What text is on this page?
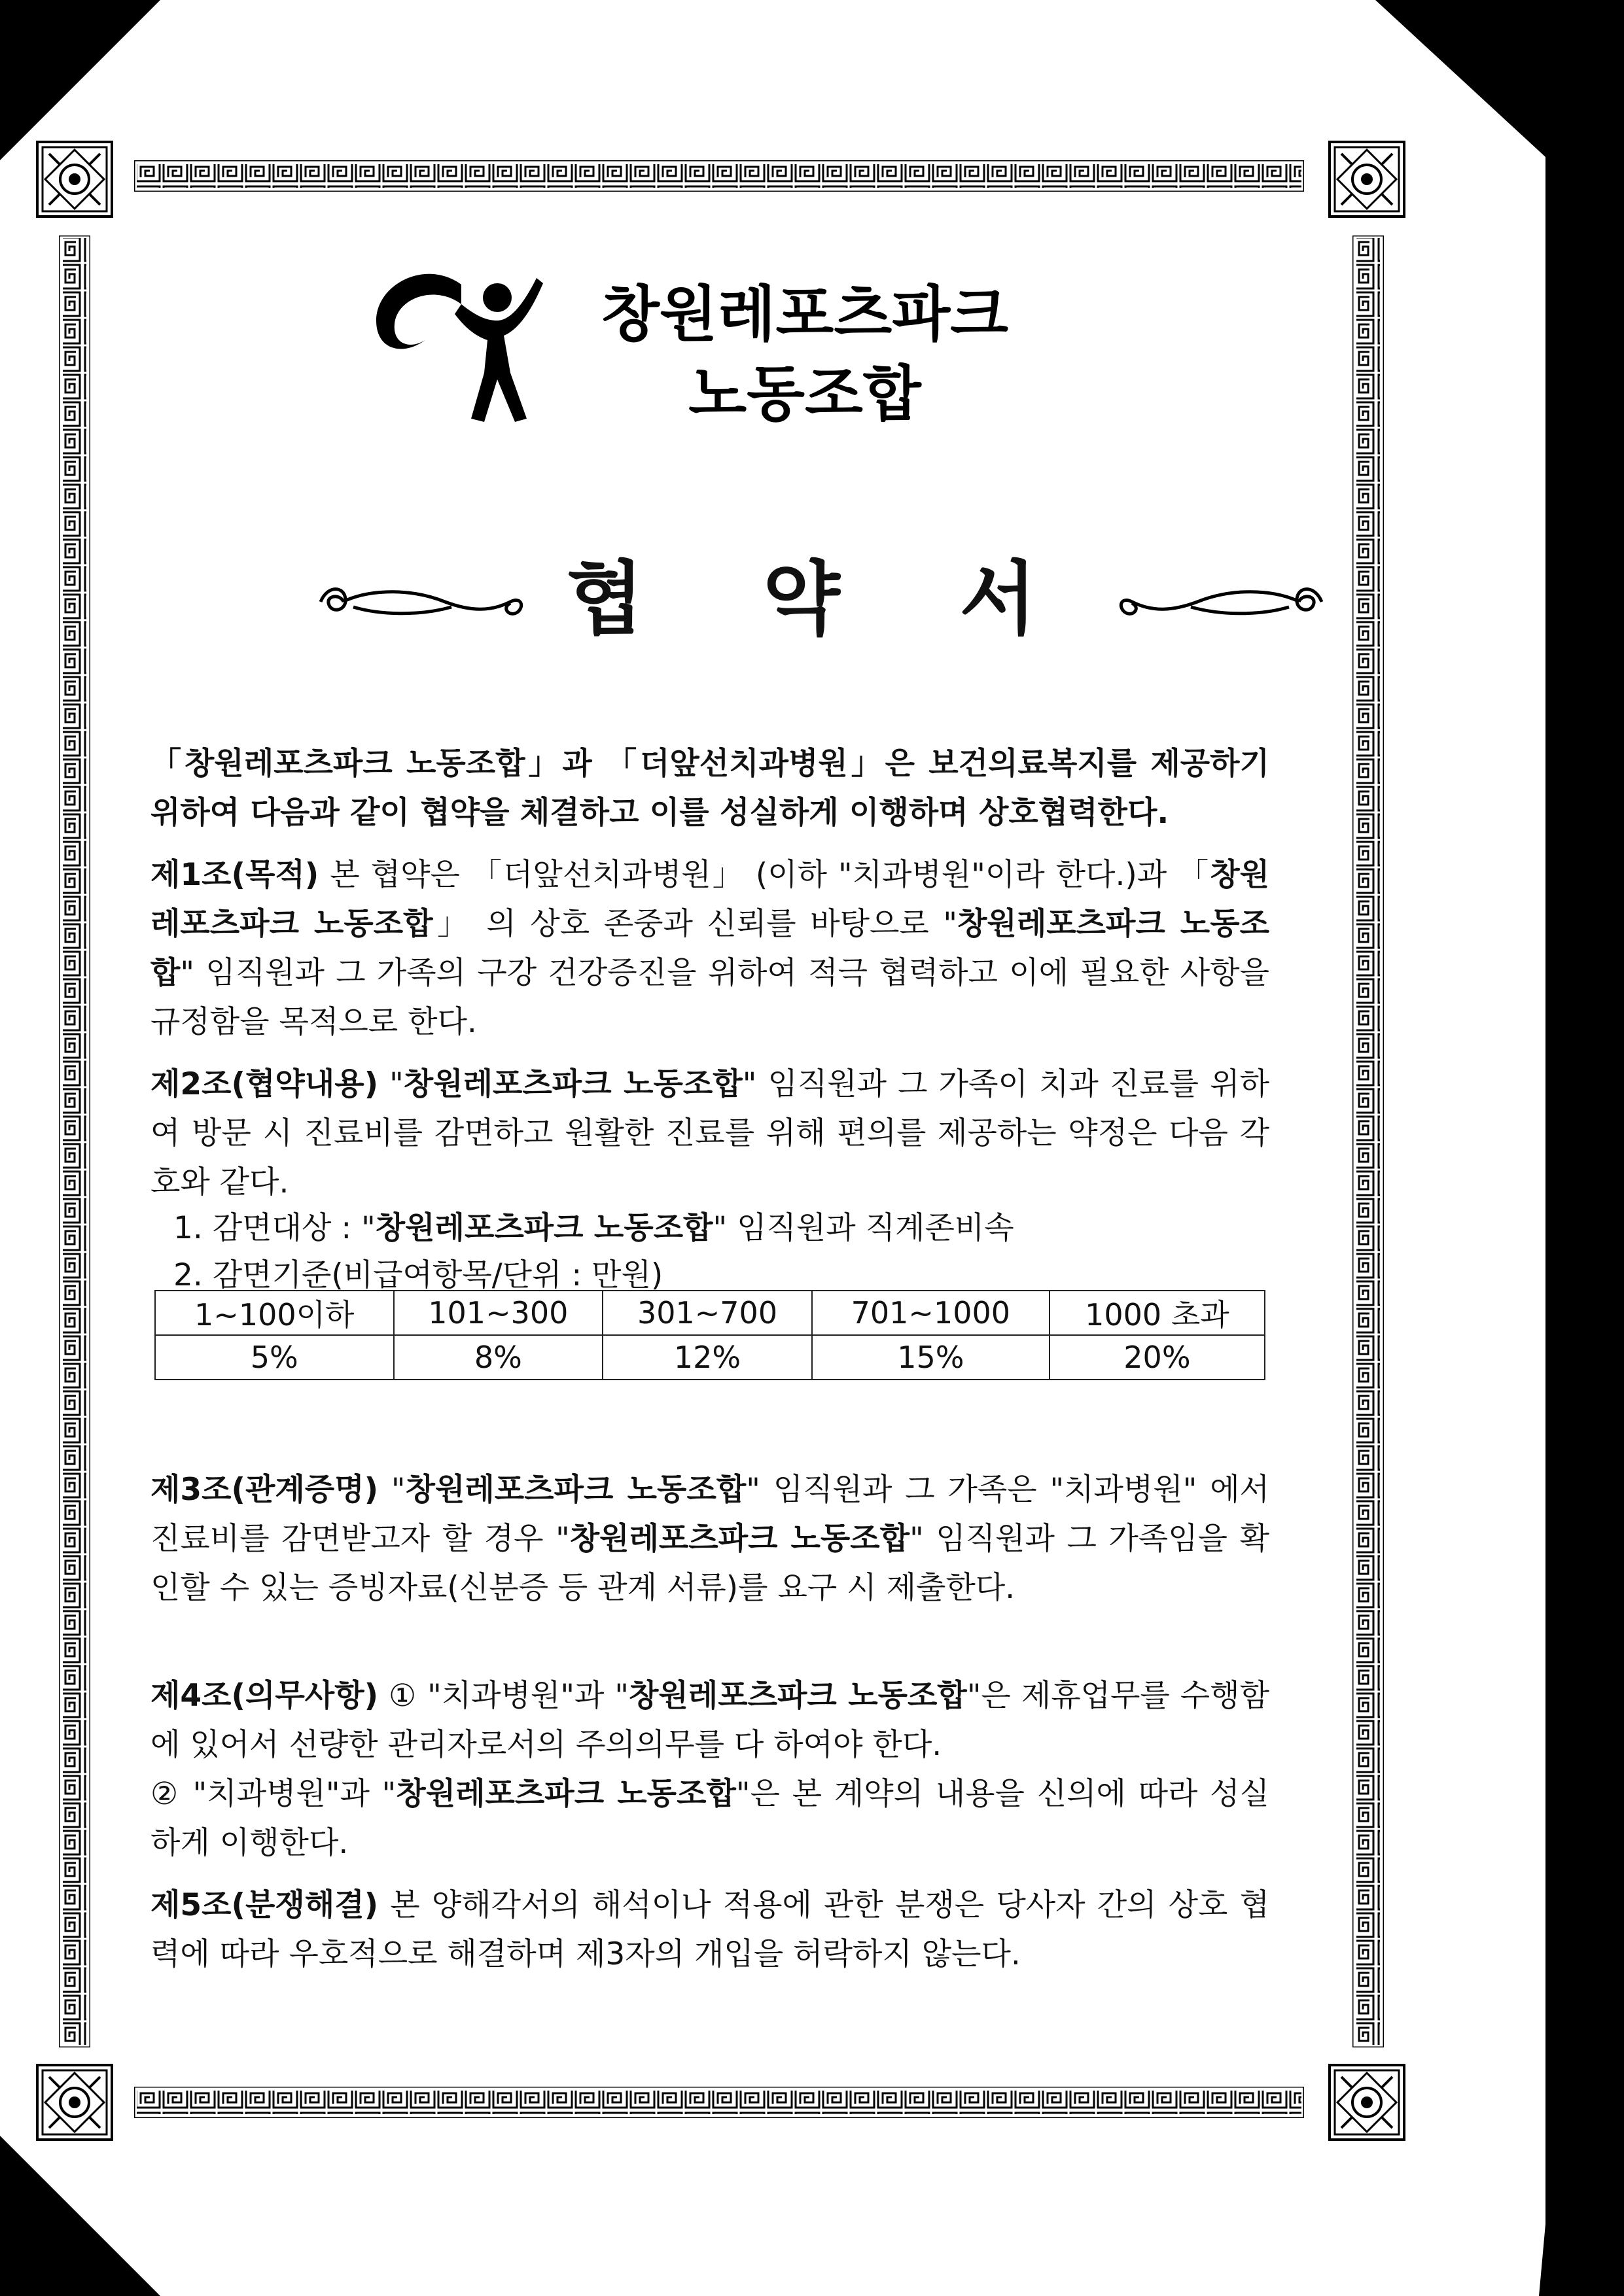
창원레포츠파크
노동조합
협 약 서
「창원레포츠파크 노동조합」과 「더앞선치과병원」은 보건의료복지를 제공하기 위하여 다음과 같이 협약을 체결하고 이를 성실하게 이행하며 상호협력한다.
제1조(목적) 본 협약은 「더앞선치과병원」 (이하 "치과병원"이라 한다.)과 「창원레포츠파크 노동조합」 의 상호 존중과 신뢰를 바탕으로 "창원레포츠파크 노동조합" 임직원과 그 가족의 구강 건강증진을 위하여 적극 협력하고 이에 필요한 사항을 규정함을 목적으로 한다.
제2조(협약내용) "창원레포츠파크 노동조합" 임직원과 그 가족이 치과 진료를 위하여 방문 시 진료비를 감면하고 원활한 진료를 위해 편의를 제공하는 약정은 다음 각호와 같다.
1. 감면대상 : "창원레포츠파크 노동조합" 임직원과 직계존비속
2. 감면기준(비급여항목/단위 : 만원)
1~100이하	101~300	301~700	701~1000	1000 초과
5%	8%	12%	15%	20%
제3조(관계증명) "창원레포츠파크 노동조합" 임직원과 그 가족은 "치과병원" 에서 진료비를 감면받고자 할 경우 "창원레포츠파크 노동조합" 임직원과 그 가족임을 확인할 수 있는 증빙자료(신분증 등 관계 서류)를 요구 시 제출한다.
제4조(의무사항) ① "치과병원"과 "창원레포츠파크 노동조합"은 제휴업무를 수행함에 있어서 선량한 관리자로서의 주의의무를 다 하여야 한다.
② "치과병원"과 "창원레포츠파크 노동조합"은 본 계약의 내용을 신의에 따라 성실하게 이행한다.
제5조(분쟁해결) 본 양해각서의 해석이나 적용에 관한 분쟁은 당사자 간의 상호 협력에 따라 우호적으로 해결하며 제3자의 개입을 허락하지 않는다.
